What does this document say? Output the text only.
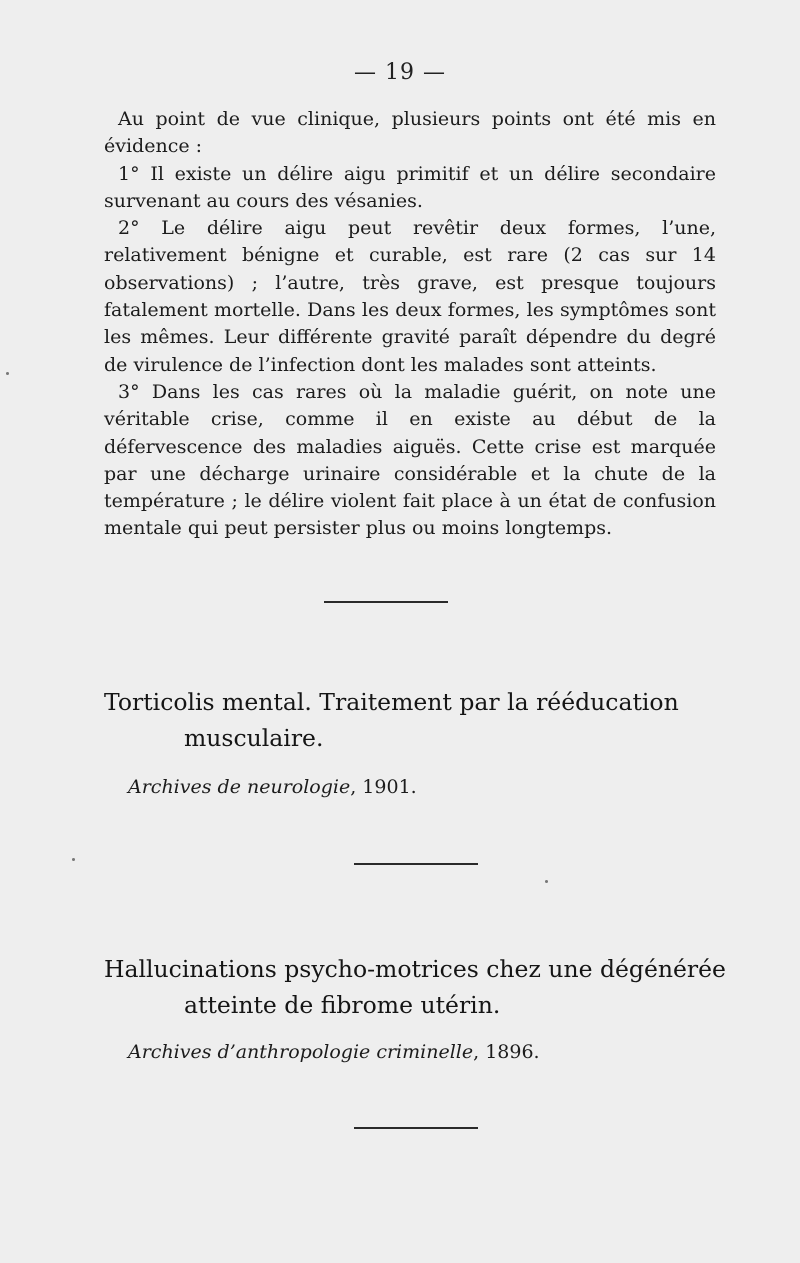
— 19 —

Au point de vue clinique, plusieurs points ont été mis en évidence :

1° Il existe un délire aigu primitif et un délire secondaire survenant au cours des vésanies.

2° Le délire aigu peut revêtir deux formes, l’une, relativement bénigne et curable, est rare (2 cas sur 14 observations) ; l’autre, très grave, est presque toujours fatalement mortelle. Dans les deux formes, les symptômes sont les mêmes. Leur différente gravité paraît dépendre du degré de virulence de l’infection dont les malades sont atteints.

3° Dans les cas rares où la maladie guérit, on note une véritable crise, comme il en existe au début de la défervescence des maladies aiguës. Cette crise est marquée par une décharge urinaire considérable et la chute de la température ; le délire violent fait place à un état de confusion mentale qui peut persister plus ou moins longtemps.

Torticolis mental. Traitement par la rééducation
musculaire.
Archives de neurologie, 1901.
Hallucinations psycho-motrices chez une dégénérée
atteinte de fibrome utérin.
Archives d’anthropologie criminelle, 1896.
